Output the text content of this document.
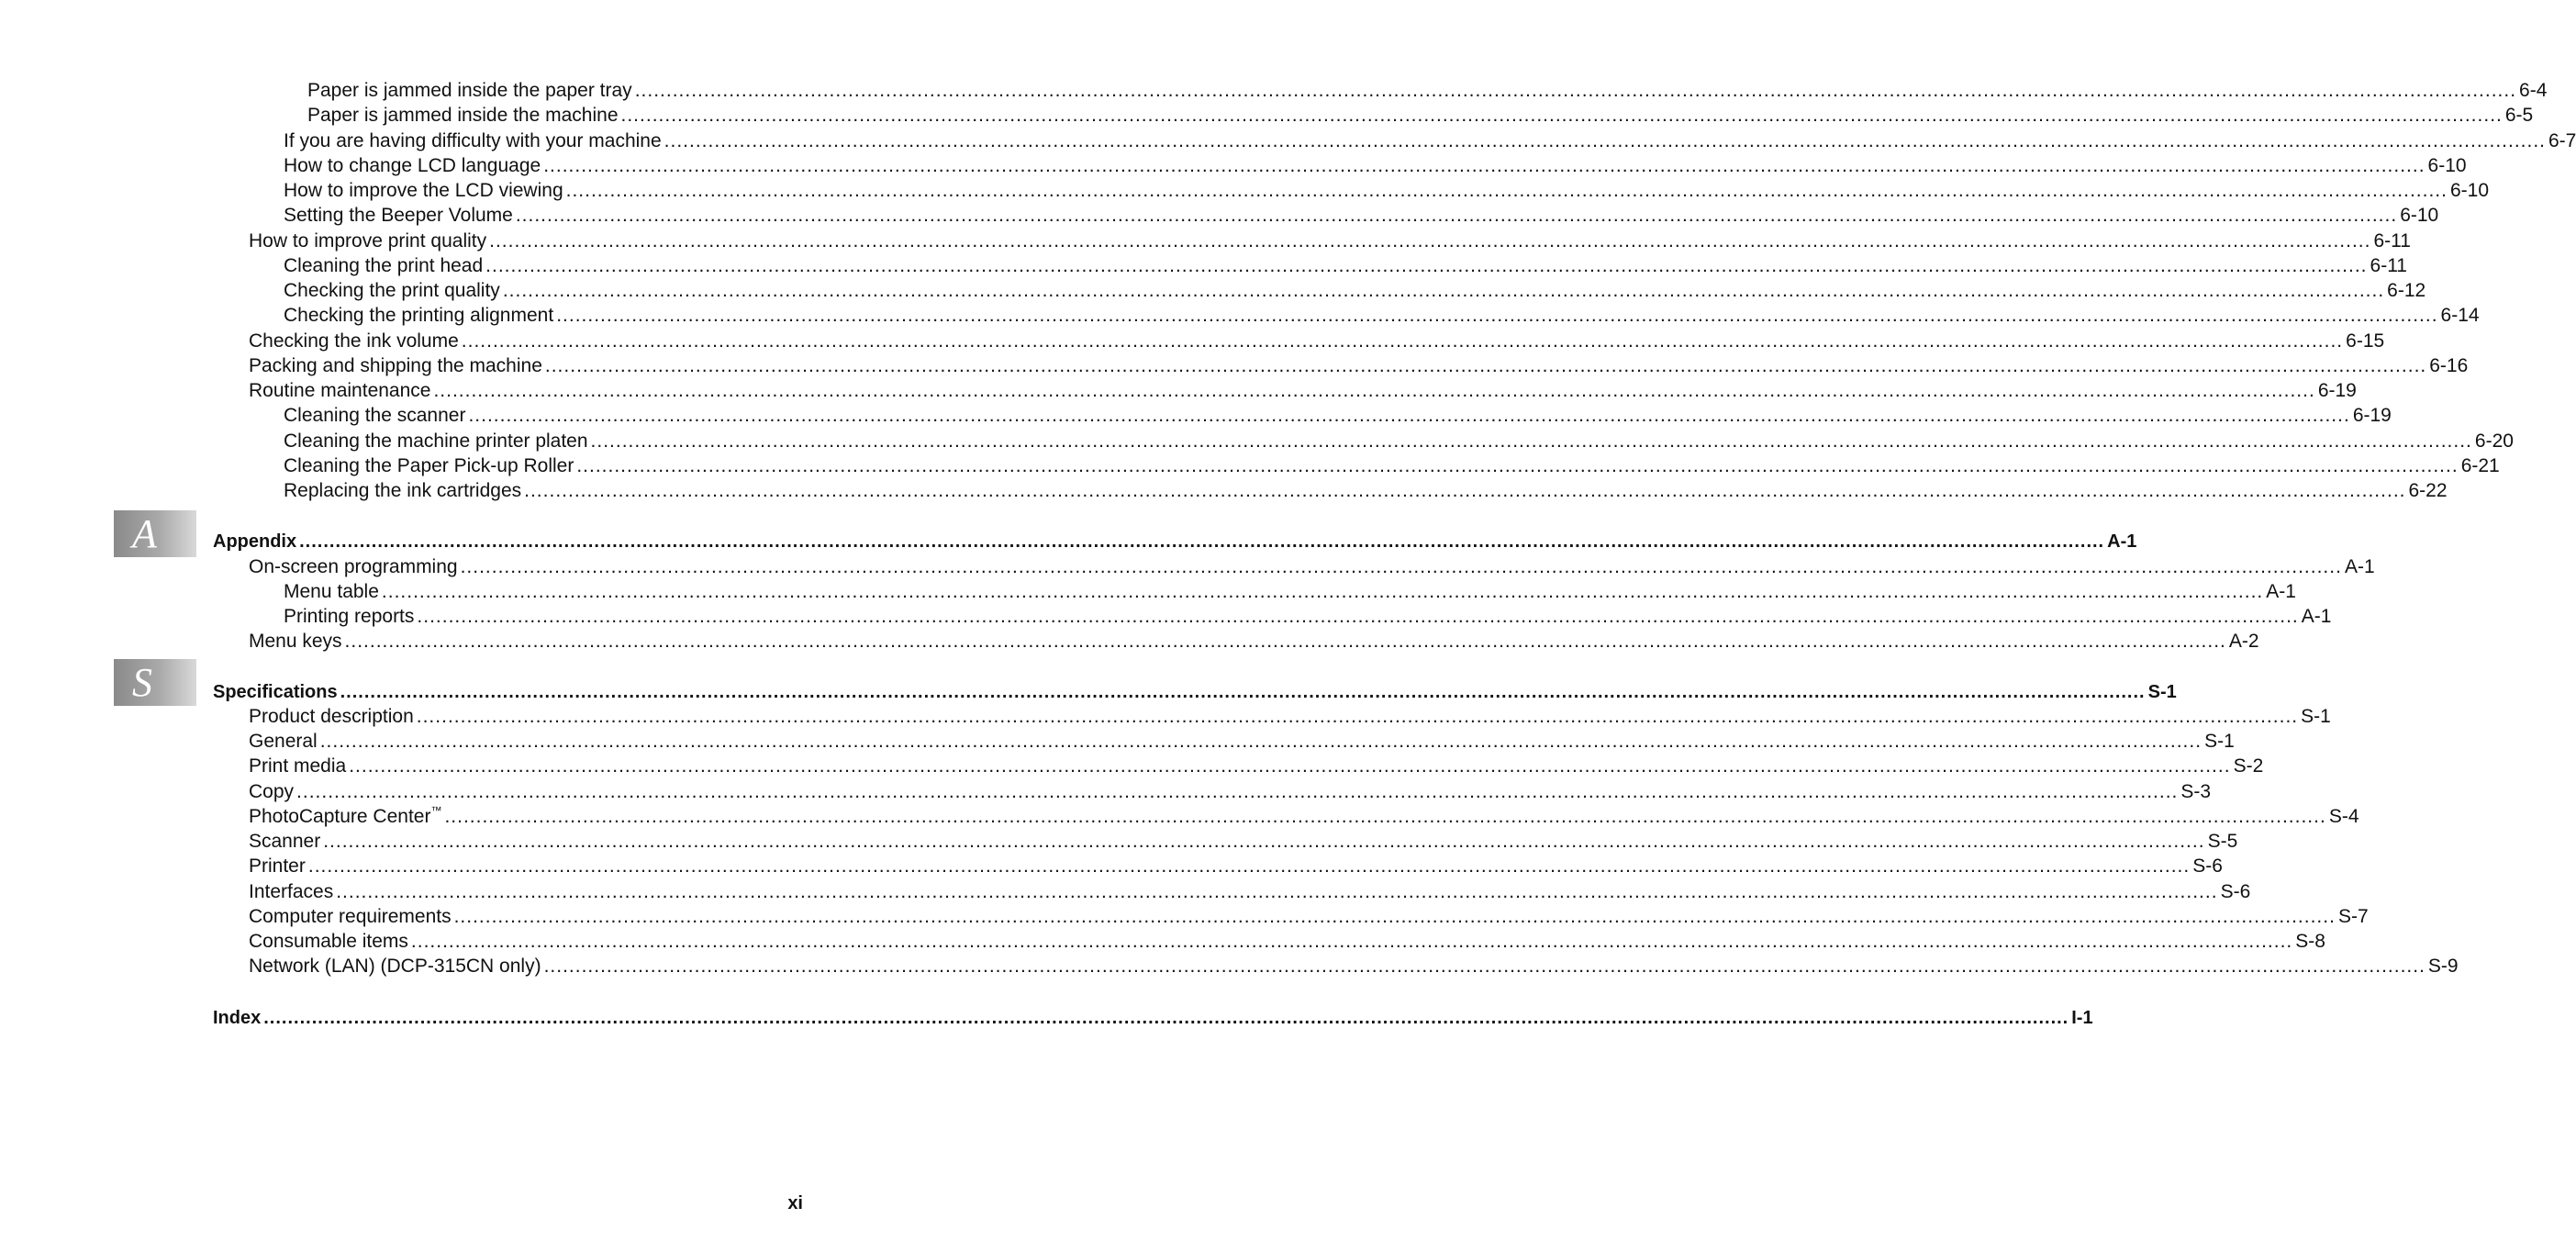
Paper is jammed inside the paper tray ............................................................................................................................................................................................................................................................................................................ 6-4
Paper is jammed inside the machine ............................................................................................................................................................................................................................................................................................................ 6-5
If you are having difficulty with your machine ............................................................................................................................................................................................................................................................................................................ 6-7
How to change LCD language ............................................................................................................................................................................................................................................................................................................ 6-10
How to improve the LCD viewing ............................................................................................................................................................................................................................................................................................................ 6-10
Setting the Beeper Volume ............................................................................................................................................................................................................................................................................................................ 6-10
How to improve print quality ............................................................................................................................................................................................................................................................................................................ 6-11
Cleaning the print head ............................................................................................................................................................................................................................................................................................................ 6-11
Checking the print quality ............................................................................................................................................................................................................................................................................................................ 6-12
Checking the printing alignment ............................................................................................................................................................................................................................................................................................................ 6-14
Checking the ink volume ............................................................................................................................................................................................................................................................................................................ 6-15
Packing and shipping the machine ............................................................................................................................................................................................................................................................................................................ 6-16
Routine maintenance ............................................................................................................................................................................................................................................................................................................ 6-19
Cleaning the scanner ............................................................................................................................................................................................................................................................................................................ 6-19
Cleaning the machine printer platen ............................................................................................................................................................................................................................................................................................................ 6-20
Cleaning the Paper Pick-up Roller ............................................................................................................................................................................................................................................................................................................ 6-21
Replacing the ink cartridges ............................................................................................................................................................................................................................................................................................................ 6-22
Appendix ............................................................................................................................................................................................................................................................................................................ A-1
On-screen programming ............................................................................................................................................................................................................................................................................................................ A-1
Menu table ............................................................................................................................................................................................................................................................................................................ A-1
Printing reports ............................................................................................................................................................................................................................................................................................................ A-1
Menu keys ............................................................................................................................................................................................................................................................................................................ A-2
Specifications ............................................................................................................................................................................................................................................................................................................ S-1
Product description ............................................................................................................................................................................................................................................................................................................ S-1
General ............................................................................................................................................................................................................................................................................................................ S-1
Print media ............................................................................................................................................................................................................................................................................................................ S-2
Copy ............................................................................................................................................................................................................................................................................................................ S-3
PhotoCapture Center™ ............................................................................................................................................................................................................................................................................................................ S-4
Scanner ............................................................................................................................................................................................................................................................................................................ S-5
Printer ............................................................................................................................................................................................................................................................................................................ S-6
Interfaces ............................................................................................................................................................................................................................................................................................................ S-6
Computer requirements ............................................................................................................................................................................................................................................................................................................ S-7
Consumable items ............................................................................................................................................................................................................................................................................................................ S-8
Network (LAN) (DCP-315CN only) ............................................................................................................................................................................................................................................................................................................ S-9
Index ............................................................................................................................................................................................................................................................................................................ I-1
A
S
xi
